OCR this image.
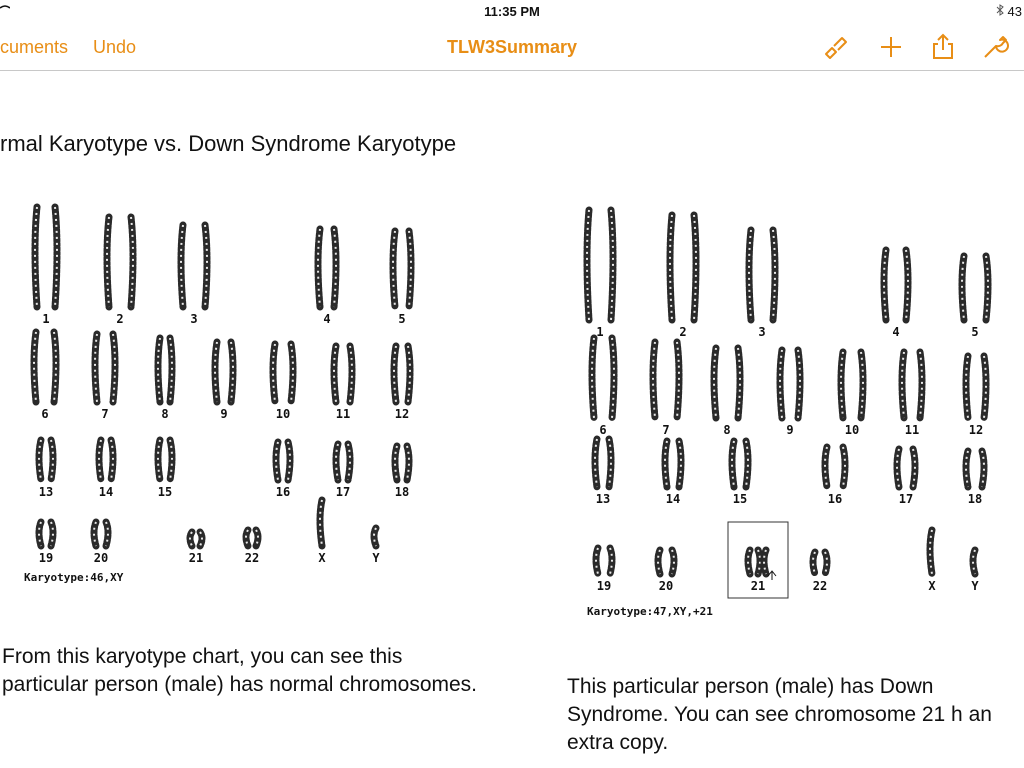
11:35 PM	43
cuments Undo	TLW3Summary
rmal Karyotype vs. Down Syndrome Karyotype
1	2	3	4	5
6	7	8	9	10	11	12
13	14	15	16	17	18
19	20	21	22	X	Y
Karyotype:46,XY
1	2	3	4	5
6	7	8	9	10	11	12
13	14	15	16	17	18
19	20	21	22	X	Y
Karyotype:47,XY,+21
From this karyotype chart, you can see this particular person (male) has normal chromosomes.	This particular person (male) has Down Syndrome. You can see chromosome 21 h an extra copy.
